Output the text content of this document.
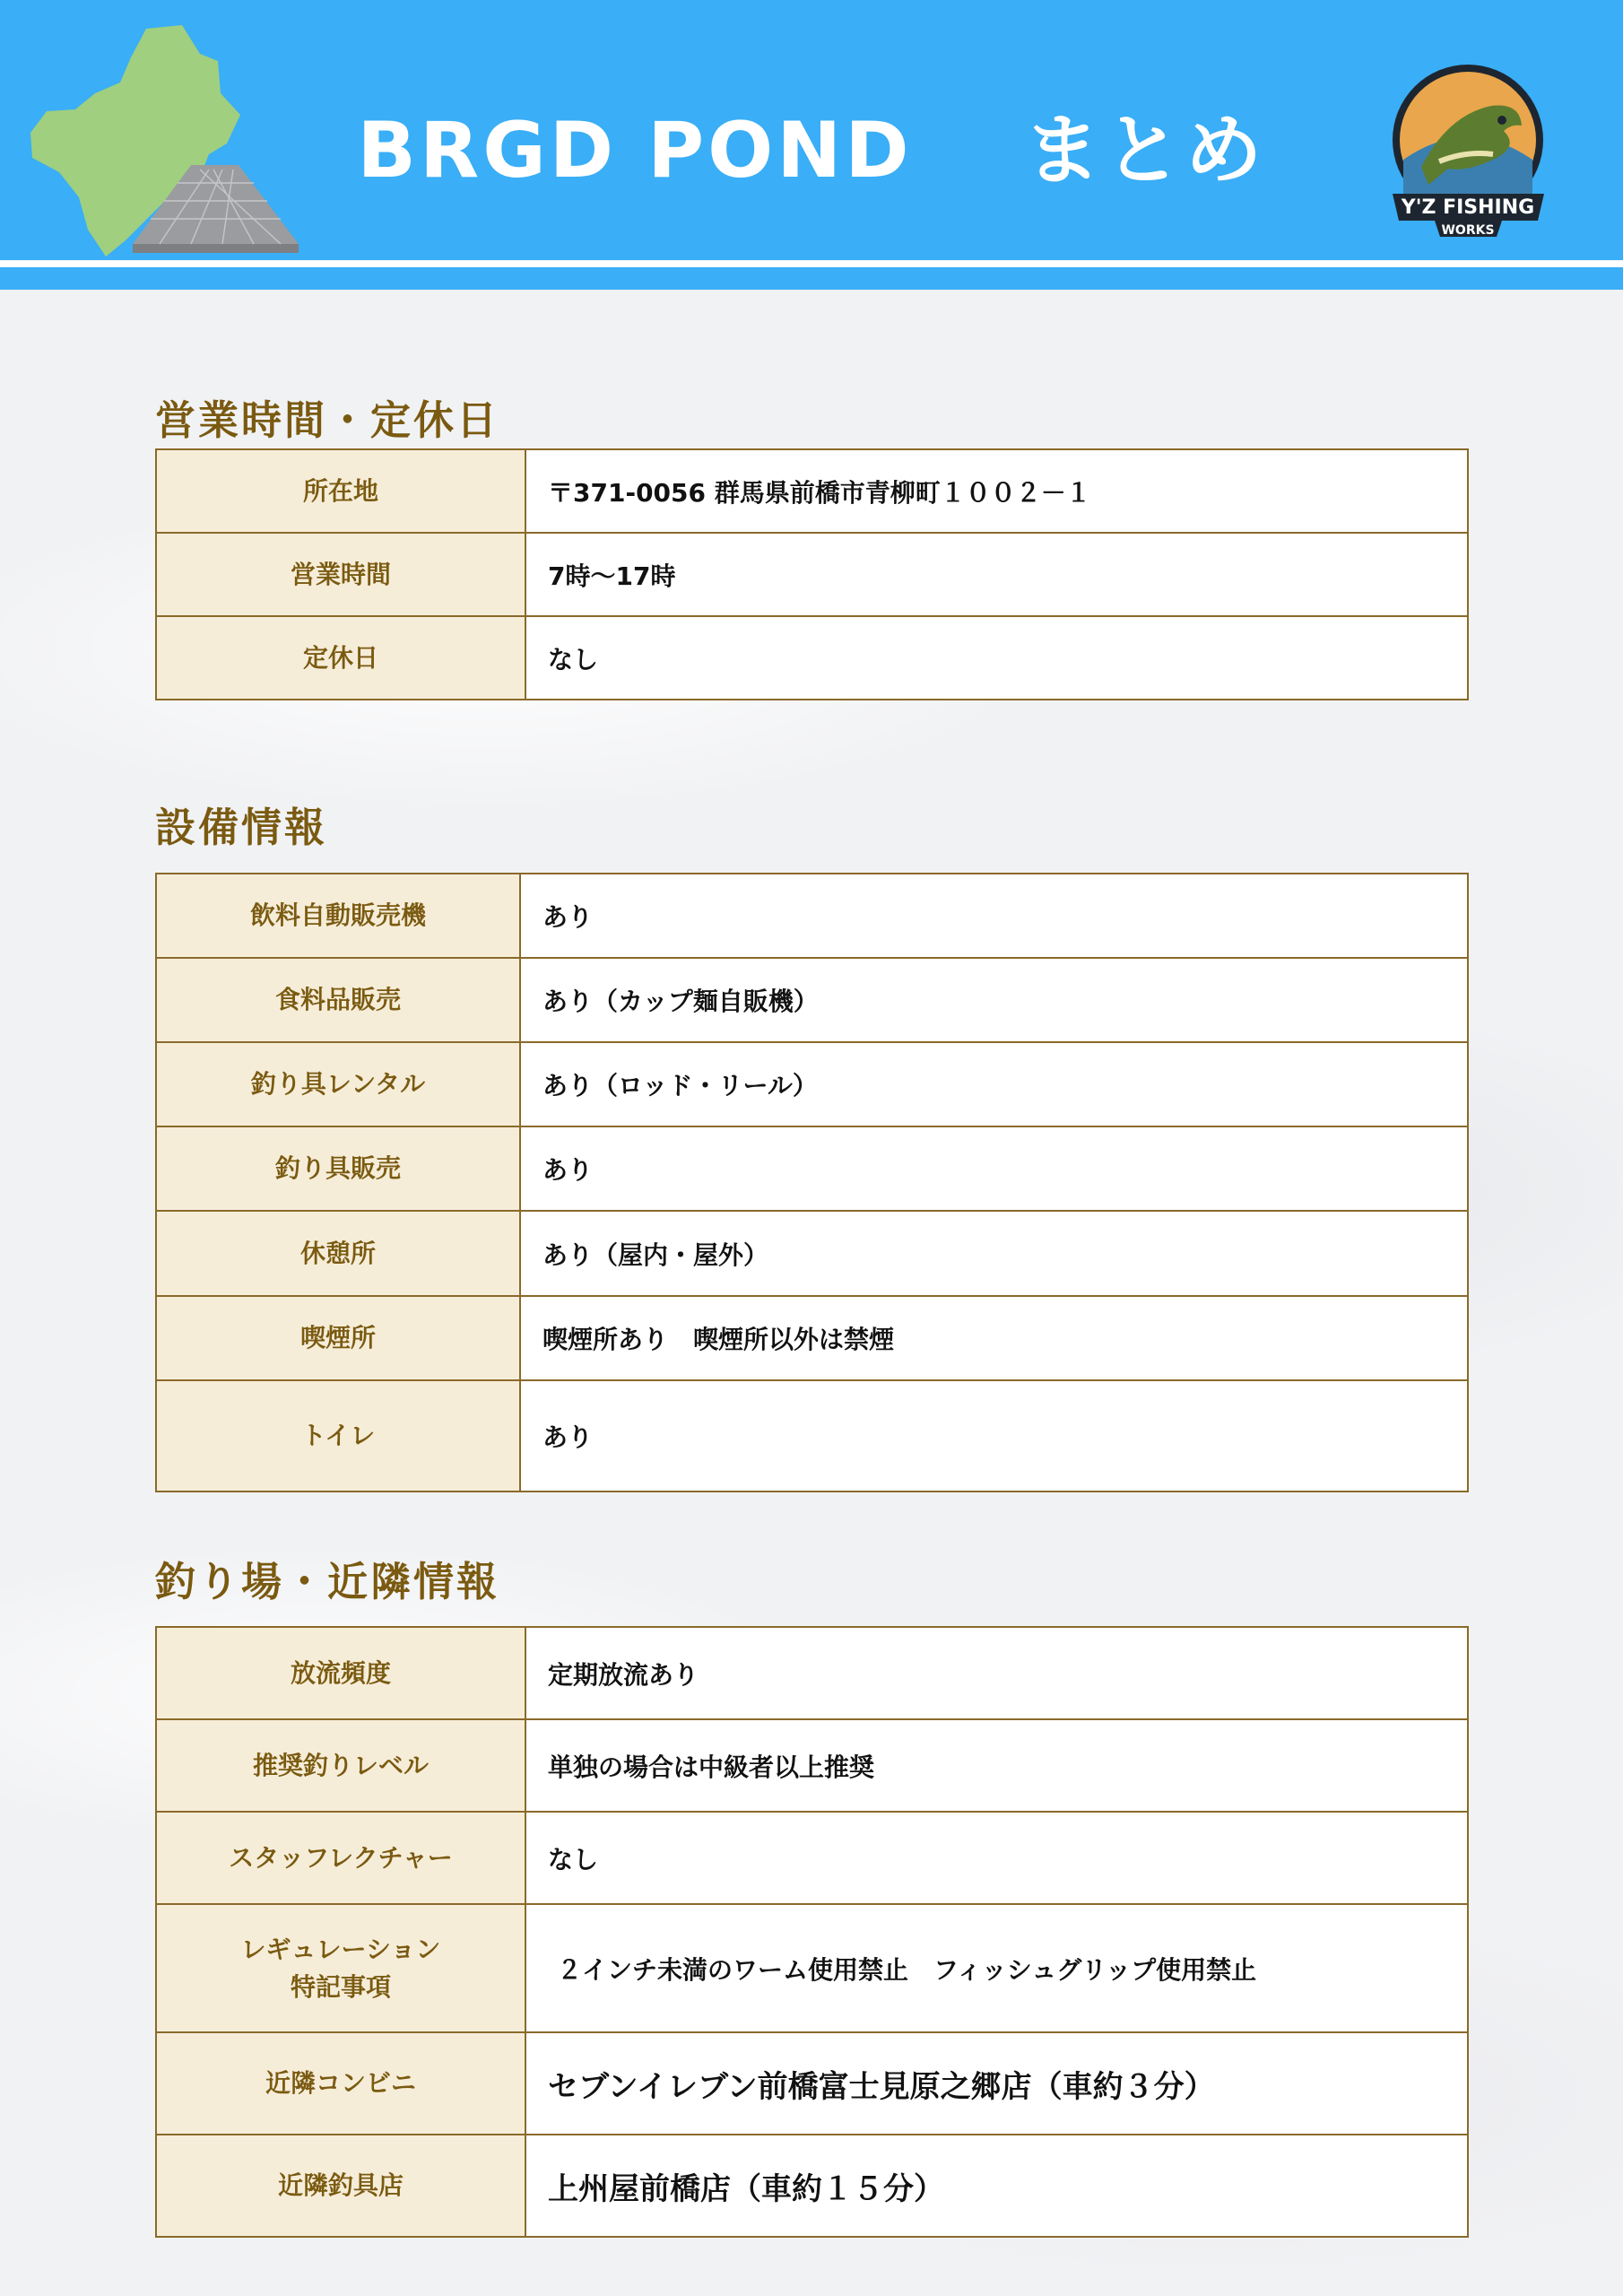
BRGD POND　 まとめ
Y'Z FISHING
WORKS
営業時間・定休日
所在地	〒371-0056 群馬県前橋市青柳町１００２－１
営業時間	7時～17時
定休日	なし
設備情報
飲料自動販売機	あり
食料品販売	あり（カップ麺自販機）
釣り具レンタル	あり（ロッド・リール）
釣り具販売	あり
休憩所	あり（屋内・屋外）
喫煙所	喫煙所あり　喫煙所以外は禁煙
トイレ	あり
釣り場・近隣情報
放流頻度	定期放流あり
推奨釣りレベル	単独の場合は中級者以上推奨
スタッフレクチャー	なし

レギュレーション
特記事項	２インチ未満のワーム使用禁止　フィッシュグリップ使用禁止
近隣コンビニ	セブンイレブン前橋富士見原之郷店（車約３分）
近隣釣具店	上州屋前橋店（車約１５分）
